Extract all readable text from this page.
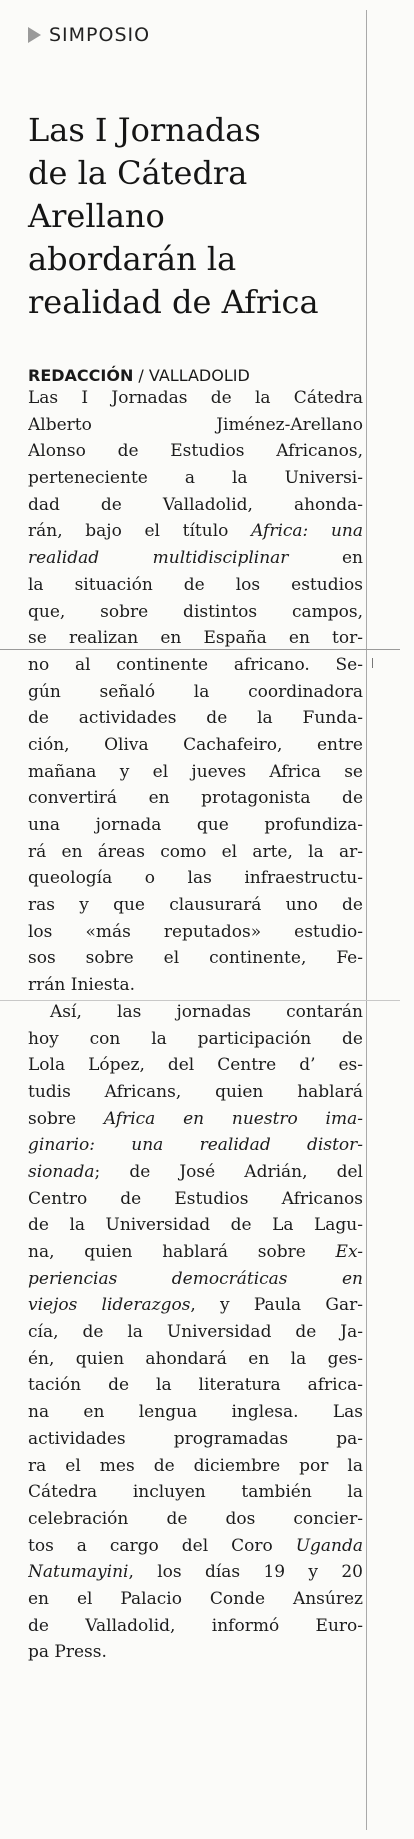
SIMPOSIO
Las I Jornadas
de la Cátedra
Arellano
abordarán la
realidad de Africa
REDACCIÓN / VALLADOLID
Las I Jornadas de la Cátedra
Alberto Jiménez-Arellano
Alonso de Estudios Africanos,
perteneciente a la Universi-
dad de Valladolid, ahonda-
rán, bajo el título Africa: una
realidad multidisciplinar en
la situación de los estudios
que, sobre distintos campos,
se realizan en España en tor-
no al continente africano. Se-
gún señaló la coordinadora
de actividades de la Funda-
ción, Oliva Cachafeiro, entre
mañana y el jueves Africa se
convertirá en protagonista de
una jornada que profundiza-
rá en áreas como el arte, la ar-
queología o las infraestructu-
ras y que clausurará uno de
los «más reputados» estudio-
sos sobre el continente, Fe-
rrán Iniesta.
Así, las jornadas contarán
hoy con la participación de
Lola López, del Centre d’ es-
tudis Africans, quien hablará
sobre Africa en nuestro ima-
ginario: una realidad distor-
sionada; de José Adrián, del
Centro de Estudios Africanos
de la Universidad de La Lagu-
na, quien hablará sobre Ex-
periencias democráticas en
viejos liderazgos, y Paula Gar-
cía, de la Universidad de Ja-
én, quien ahondará en la ges-
tación de la literatura africa-
na en lengua inglesa. Las
actividades programadas pa-
ra el mes de diciembre por la
Cátedra incluyen también la
celebración de dos concier-
tos a cargo del Coro Uganda
Natumayini, los días 19 y 20
en el Palacio Conde Ansúrez
de Valladolid, informó Euro-
pa Press.
